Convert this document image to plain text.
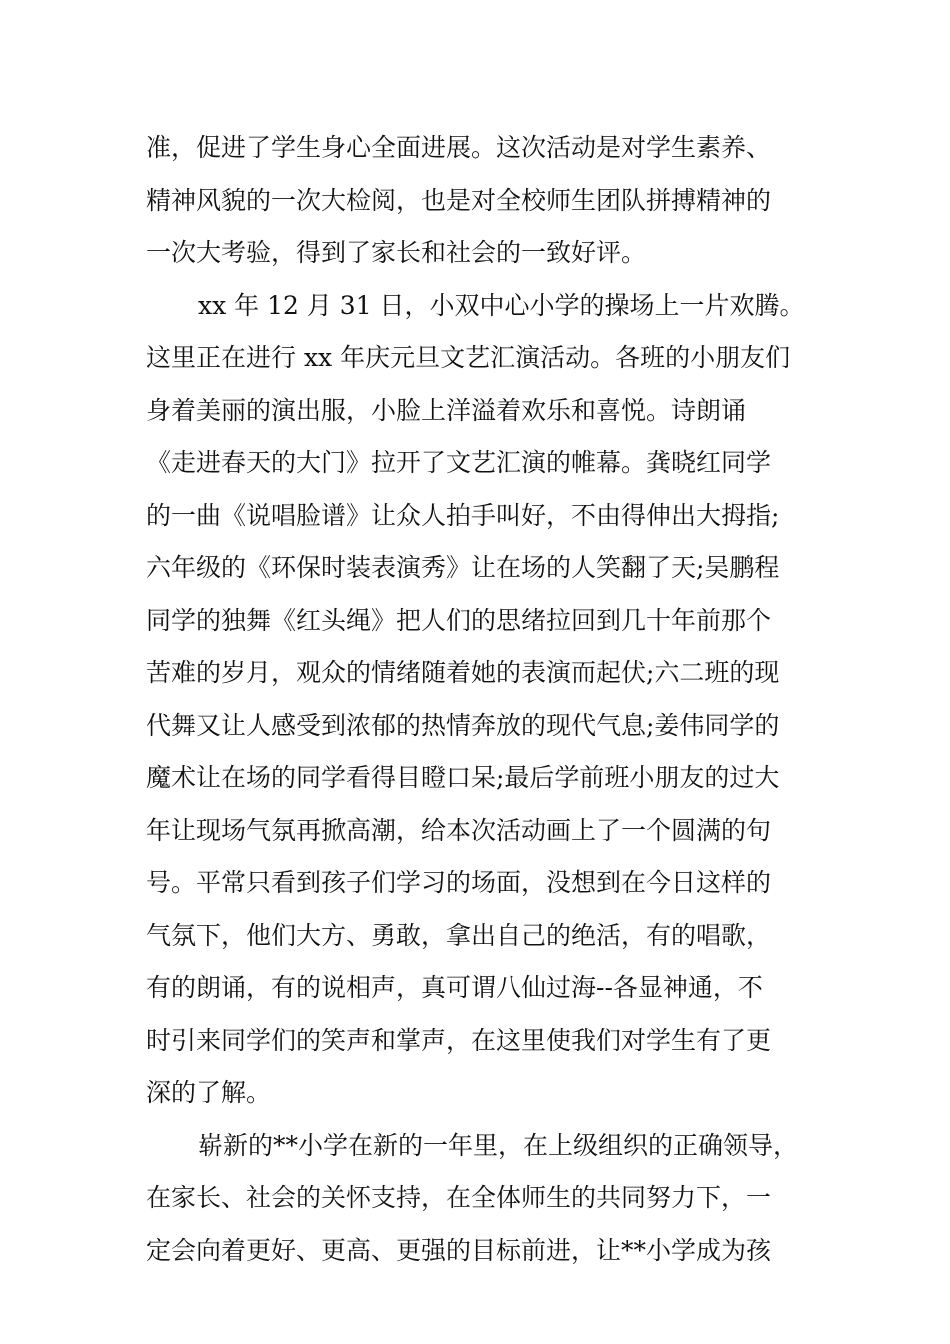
准，促进了学生身心全面进展。这次活动是对学生素养、
精神风貌的一次大检阅，也是对全校师生团队拼搏精神的
一次大考验，得到了家长和社会的一致好评。
xx 年 12 月 31 日，小双中心小学的操场上一片欢腾。
这里正在进行 xx 年庆元旦文艺汇演活动。各班的小朋友们
身着美丽的演出服，小脸上洋溢着欢乐和喜悦。诗朗诵
《走进春天的大门》拉开了文艺汇演的帷幕。龚晓红同学
的一曲《说唱脸谱》让众人拍手叫好，不由得伸出大拇指;
六年级的《环保时装表演秀》让在场的人笑翻了天;吴鹏程
同学的独舞《红头绳》把人们的思绪拉回到几十年前那个
苦难的岁月，观众的情绪随着她的表演而起伏;六二班的现
代舞又让人感受到浓郁的热情奔放的现代气息;姜伟同学的
魔术让在场的同学看得目瞪口呆;最后学前班小朋友的过大
年让现场气氛再掀高潮，给本次活动画上了一个圆满的句
号。平常只看到孩子们学习的场面，没想到在今日这样的
气氛下，他们大方、勇敢，拿出自己的绝活，有的唱歌，
有的朗诵，有的说相声，真可谓八仙过海--各显神通，不
时引来同学们的笑声和掌声，在这里使我们对学生有了更
深的了解。
崭新的**小学在新的一年里，在上级组织的正确领导，
在家长、社会的关怀支持，在全体师生的共同努力下，一
定会向着更好、更高、更强的目标前进，让**小学成为孩
